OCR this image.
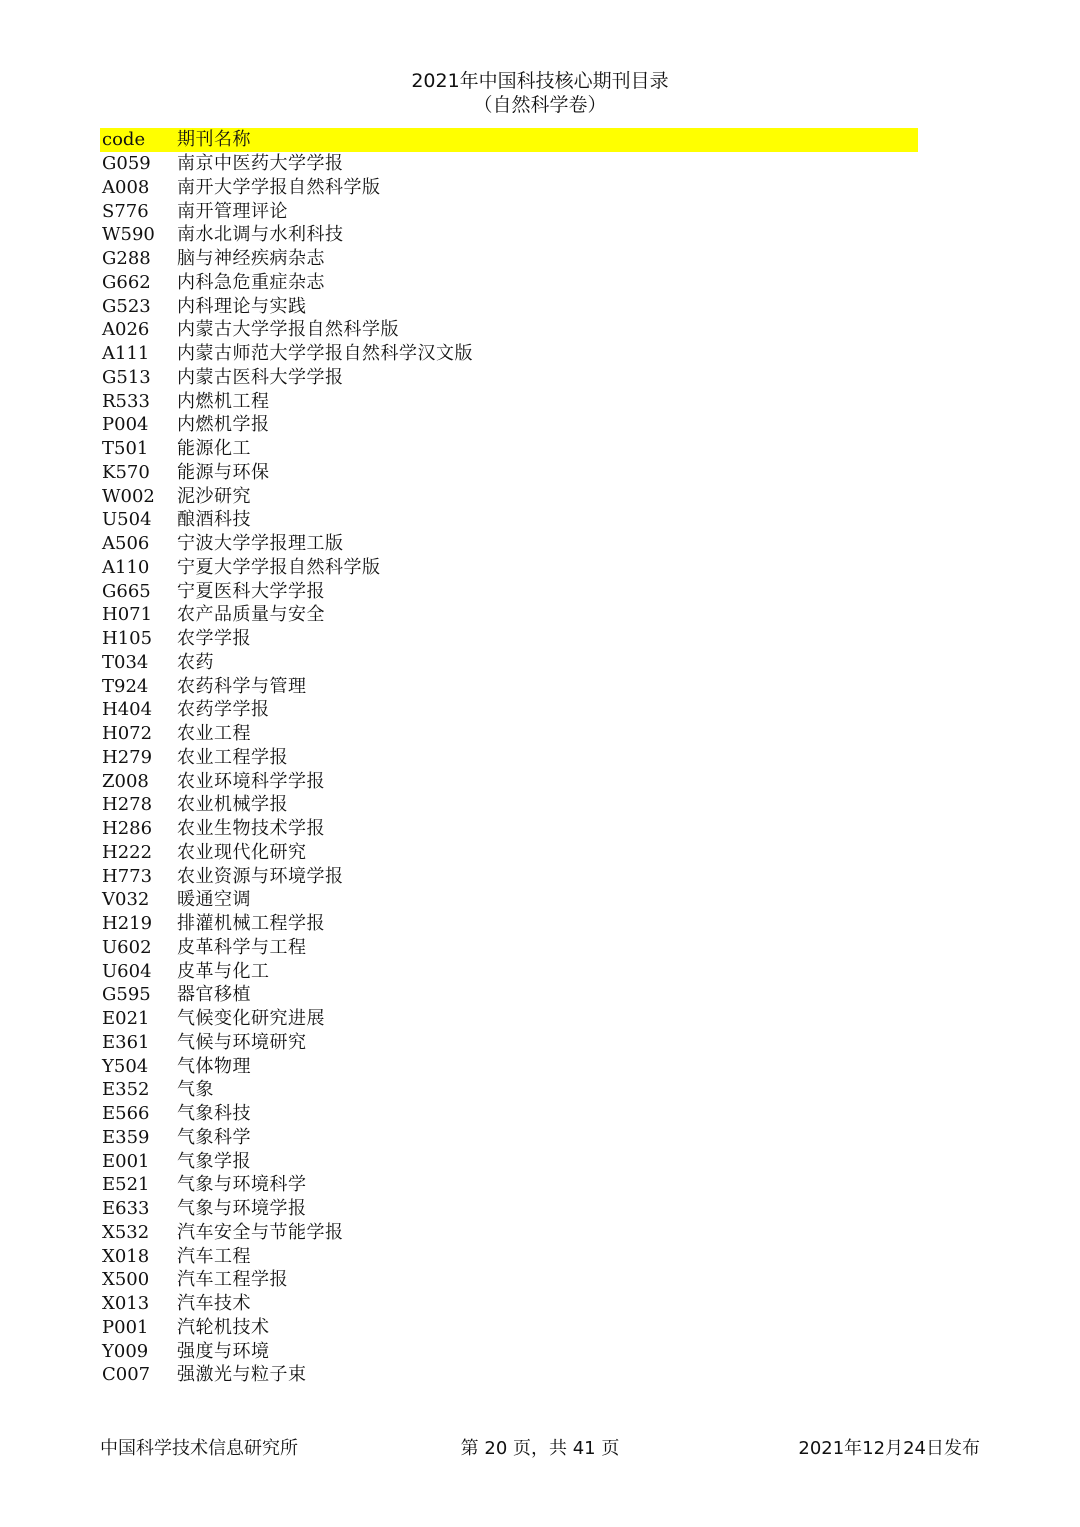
2021年中国科技核心期刊目录
（自然科学卷）
code 期刊名称
G059 南京中医药大学学报
A008 南开大学学报自然科学版
S776 南开管理评论
W590 南水北调与水利科技
G288 脑与神经疾病杂志
G662 内科急危重症杂志
G523 内科理论与实践
A026 内蒙古大学学报自然科学版
A111 内蒙古师范大学学报自然科学汉文版
G513 内蒙古医科大学学报
R533 内燃机工程
P004 内燃机学报
T501 能源化工
K570 能源与环保
W002 泥沙研究
U504 酿酒科技
A506 宁波大学学报理工版
A110 宁夏大学学报自然科学版
G665 宁夏医科大学学报
H071 农产品质量与安全
H105 农学学报
T034 农药
T924 农药科学与管理
H404 农药学学报
H072 农业工程
H279 农业工程学报
Z008 农业环境科学学报
H278 农业机械学报
H286 农业生物技术学报
H222 农业现代化研究
H773 农业资源与环境学报
V032 暖通空调
H219 排灌机械工程学报
U602 皮革科学与工程
U604 皮革与化工
G595 器官移植
E021 气候变化研究进展
E361 气候与环境研究
Y504 气体物理
E352 气象
E566 气象科技
E359 气象科学
E001 气象学报
E521 气象与环境科学
E633 气象与环境学报
X532 汽车安全与节能学报
X018 汽车工程
X500 汽车工程学报
X013 汽车技术
P001 汽轮机技术
Y009 强度与环境
C007 强激光与粒子束
中国科学技术信息研究所	第 20 页，共 41 页	2021年12月24日发布
